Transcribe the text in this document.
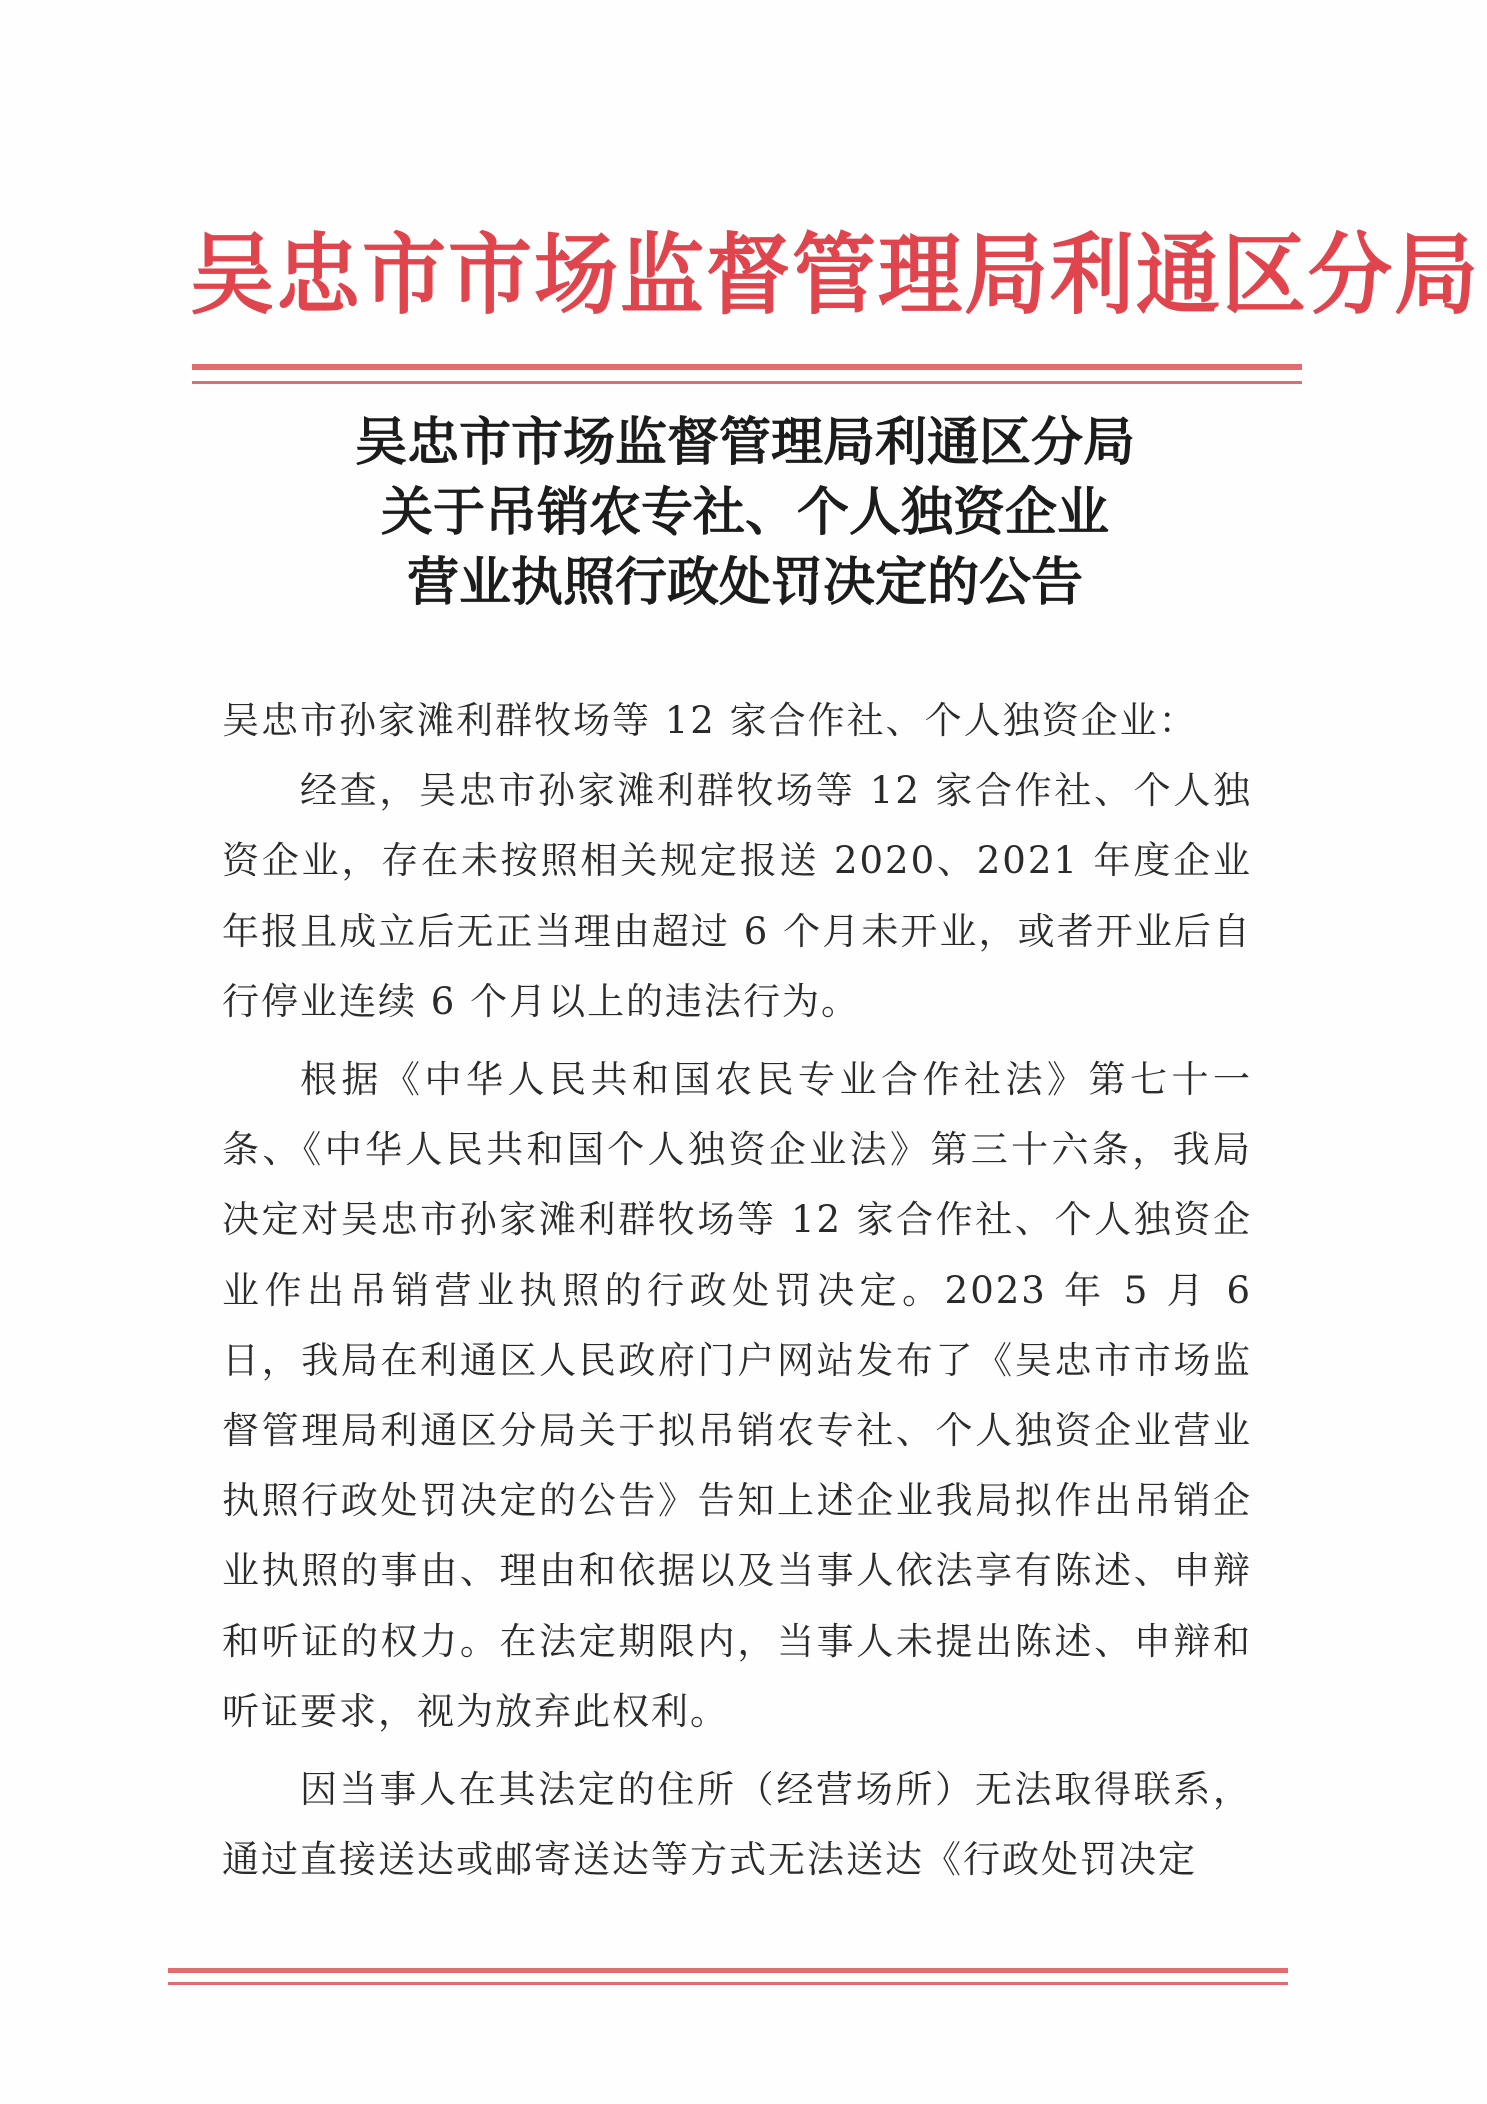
吴忠市市场监督管理局利通区分局
吴忠市市场监督管理局利通区分局
关于吊销农专社、个人独资企业
营业执照行政处罚决定的公告

吴忠市孙家滩利群牧场等 12 家合作社、个人独资企业：

经查，吴忠市孙家滩利群牧场等 12 家合作社、个人独资企业，存在未按照相关规定报送 2020、2021 年度企业年报且成立后无正当理由超过 6 个月未开业，或者开业后自行停业连续 6 个月以上的违法行为。

根据《中华人民共和国农民专业合作社法》第七十一条、《中华人民共和国个人独资企业法》第三十六条，我局决定对吴忠市孙家滩利群牧场等 12 家合作社、个人独资企业作出吊销营业执照的行政处罚决定。2023 年 5 月 6 日，我局在利通区人民政府门户网站发布了《吴忠市市场监督管理局利通区分局关于拟吊销农专社、个人独资企业营业执照行政处罚决定的公告》告知上述企业我局拟作出吊销企业执照的事由、理由和依据以及当事人依法享有陈述、申辩和听证的权力。在法定期限内，当事人未提出陈述、申辩和听证要求，视为放弃此权利。

因当事人在其法定的住所（经营场所）无法取得联系，通过直接送达或邮寄送达等方式无法送达《行政处罚决定
